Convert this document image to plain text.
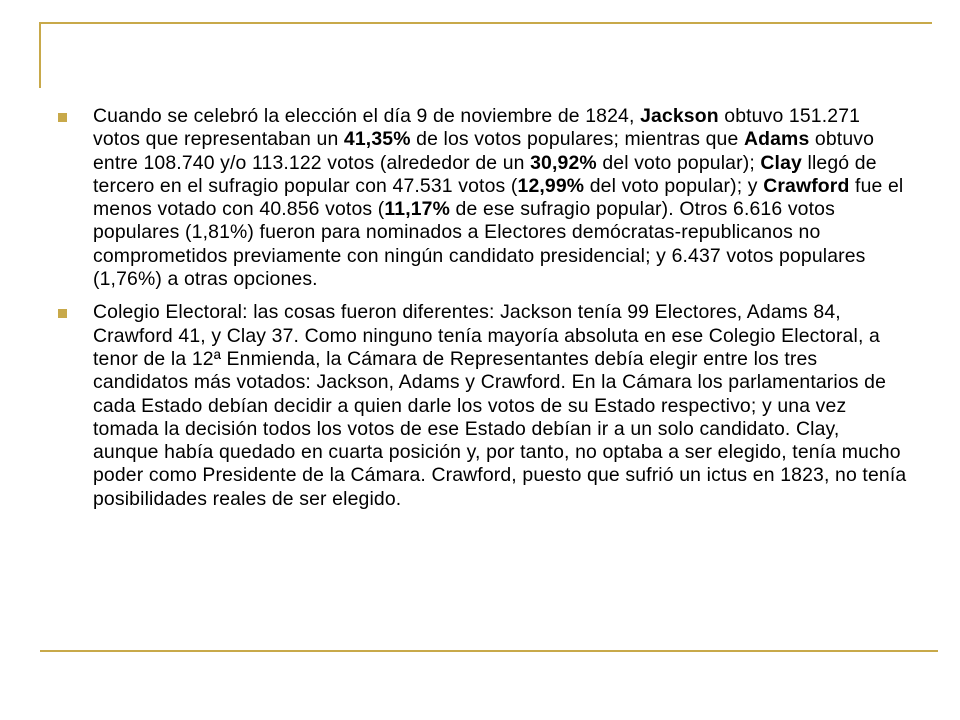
Cuando se celebró la elección el día 9 de noviembre de 1824, Jackson obtuvo 151.271 votos que representaban un 41,35% de los votos populares; mientras que Adams obtuvo entre 108.740 y/o 113.122 votos (alrededor de un 30,92% del voto popular); Clay llegó de tercero en el sufragio popular con 47.531 votos (12,99% del voto popular); y Crawford fue el menos votado con 40.856 votos (11,17% de ese sufragio popular). Otros 6.616 votos populares (1,81%) fueron para nominados a Electores demócratas-republicanos no comprometidos previamente con ningún candidato presidencial; y 6.437 votos populares (1,76%) a otras opciones.
Colegio Electoral: las cosas fueron diferentes: Jackson tenía 99 Electores, Adams 84, Crawford 41, y Clay 37. Como ninguno tenía mayoría absoluta en ese Colegio Electoral, a tenor de la 12ª Enmienda, la Cámara de Representantes debía elegir entre los tres candidatos más votados: Jackson, Adams y Crawford. En la Cámara los parlamentarios de cada Estado debían decidir a quien darle los votos de su Estado respectivo; y una vez tomada la decisión todos los votos de ese Estado debían ir a un solo candidato. Clay, aunque había quedado en cuarta posición y, por tanto, no optaba a ser elegido, tenía mucho poder como Presidente de la Cámara. Crawford, puesto que sufrió un ictus en 1823, no tenía posibilidades reales de ser elegido.
